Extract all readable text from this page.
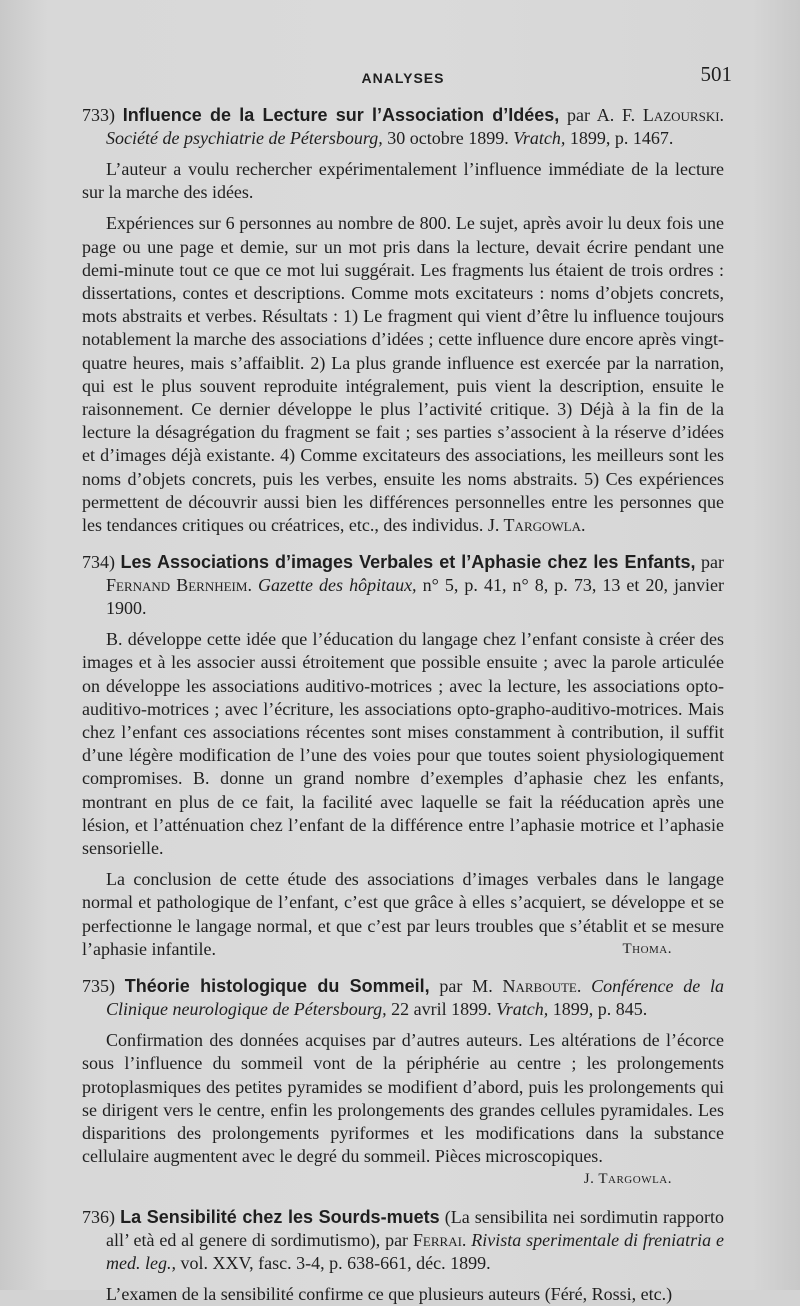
ANALYSES	501
733) Influence de la Lecture sur l’Association d’Idées, par A. F. Lazourski. Société de psychiatrie de Pétersbourg, 30 octobre 1899. Vratch, 1899, p. 1467.

L’auteur a voulu rechercher expérimentalement l’influence immédiate de la lecture sur la marche des idées.

Expériences sur 6 personnes au nombre de 800. Le sujet, après avoir lu deux fois une page ou une page et demie, sur un mot pris dans la lecture, devait écrire pendant une demi-minute tout ce que ce mot lui suggérait. Les fragments lus étaient de trois ordres : dissertations, contes et descriptions. Comme mots excitateurs : noms d’objets concrets, mots abstraits et verbes. Résultats : 1) Le fragment qui vient d’être lu influence toujours notablement la marche des associations d’idées ; cette influence dure encore après vingt-quatre heures, mais s’affaiblit. 2) La plus grande influence est exercée par la narration, qui est le plus souvent reproduite intégralement, puis vient la description, ensuite le raisonnement. Ce dernier développe le plus l’activité critique. 3) Déjà à la fin de la lecture la désagrégation du fragment se fait ; ses parties s’associent à la réserve d’idées et d’images déjà existante. 4) Comme excitateurs des associations, les meilleurs sont les noms d’objets concrets, puis les verbes, ensuite les noms abstraits. 5) Ces expériences permettent de découvrir aussi bien les différences personnelles entre les personnes que les tendances critiques ou créatrices, etc., des individus. J. Targowla.

734) Les Associations d’images Verbales et l’Aphasie chez les Enfants, par Fernand Bernheim. Gazette des hôpitaux, n° 5, p. 41, n° 8, p. 73, 13 et 20, janvier 1900.

B. développe cette idée que l’éducation du langage chez l’enfant consiste à créer des images et à les associer aussi étroitement que possible ensuite ; avec la parole articulée on développe les associations auditivo-motrices ; avec la lecture, les associations opto-auditivo-motrices ; avec l’écriture, les associations opto-grapho-auditivo-motrices. Mais chez l’enfant ces associations récentes sont mises constamment à contribution, il suffit d’une légère modification de l’une des voies pour que toutes soient physiologiquement compromises. B. donne un grand nombre d’exemples d’aphasie chez les enfants, montrant en plus de ce fait, la facilité avec laquelle se fait la rééducation après une lésion, et l’atténuation chez l’enfant de la différence entre l’aphasie motrice et l’aphasie sensorielle.

La conclusion de cette étude des associations d’images verbales dans le langage normal et pathologique de l’enfant, c’est que grâce à elles s’acquiert, se développe et se perfectionne le langage normal, et que c’est par leurs troubles que s’établit et se mesure l’aphasie infantile.	Thoma.

735) Théorie histologique du Sommeil, par M. Narboute. Conférence de la Clinique neurologique de Pétersbourg, 22 avril 1899. Vratch, 1899, p. 845.

Confirmation des données acquises par d’autres auteurs. Les altérations de l’écorce sous l’influence du sommeil vont de la périphérie au centre ; les prolongements protoplasmiques des petites pyramides se modifient d’abord, puis les prolongements qui se dirigent vers le centre, enfin les prolongements des grandes cellules pyramidales. Les disparitions des prolongements pyriformes et les modifications dans la substance cellulaire augmentent avec le degré du sommeil. Pièces microscopiques.
J. Targowla.

736) La Sensibilité chez les Sourds-muets (La sensibilita nei sordimutin rapporto all’ età ed al genere di sordimutismo), par Ferrai. Rivista sperimentale di freniatria e med. leg., vol. XXV, fasc. 3-4, p. 638-661, déc. 1899.

L’examen de la sensibilité confirme ce que plusieurs auteurs (Féré, Rossi, etc.)
